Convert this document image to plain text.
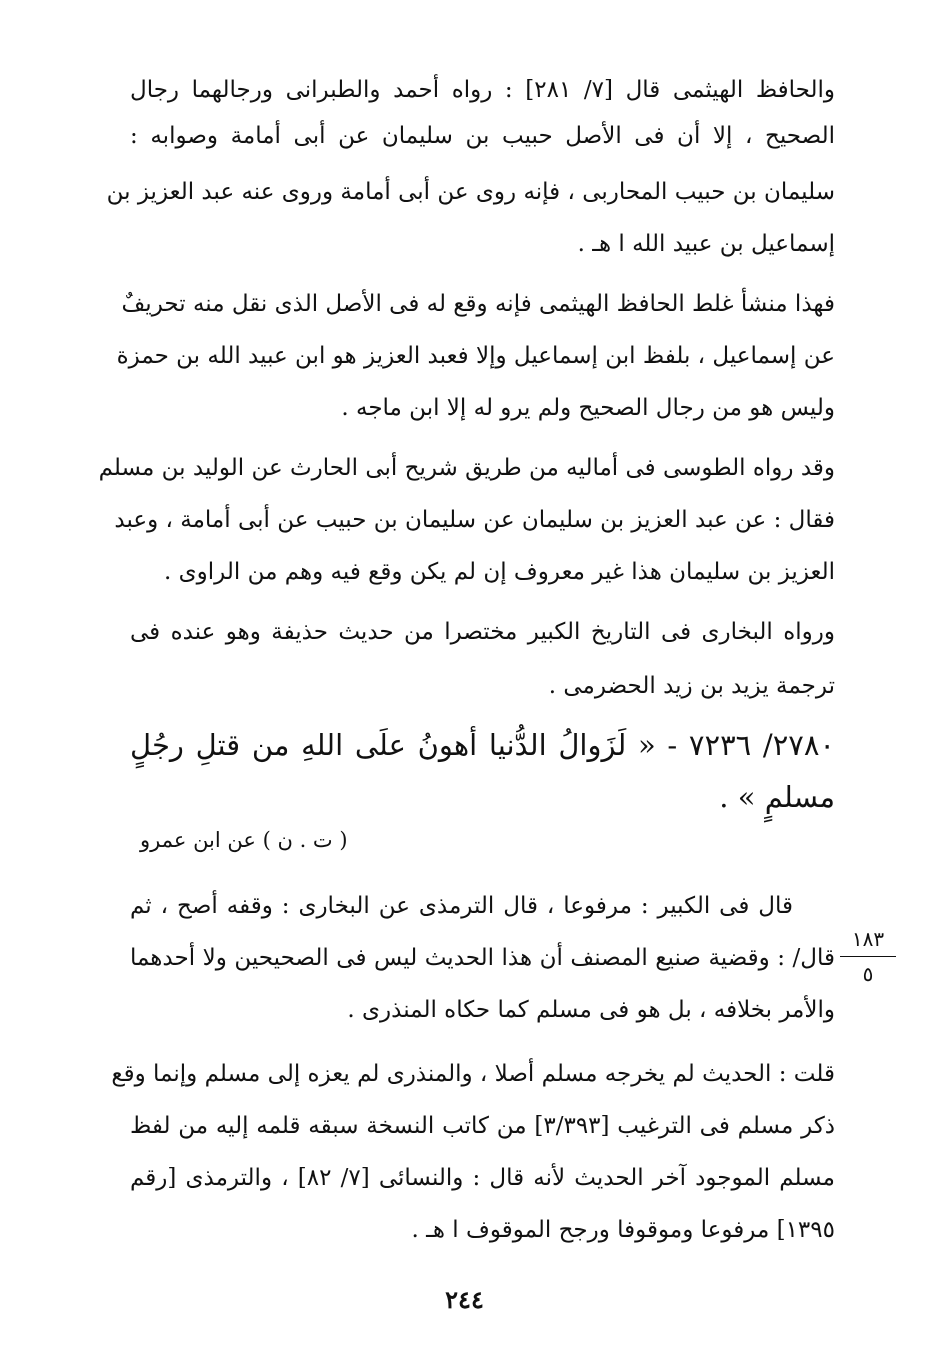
والحافظ الهيثمى قال [٧/ ٢٨١] : رواه أحمد والطبرانى ورجالهما رجال
الصحيح ، إلا أن فى الأصل حبيب بن سليمان عن أبى أمامة وصوابه :
سليمان بن حبيب المحاربى ، فإنه روى عن أبى أمامة وروى عنه عبد العزيز بن
إسماعيل بن عبيد الله ا هـ .
فهذا منشأ غلط الحافظ الهيثمى فإنه وقع له فى الأصل الذى نقل منه تحريفٌ
عن إسماعيل ، بلفظ ابن إسماعيل وإلا فعبد العزيز هو ابن عبيد الله بن حمزة
وليس هو من رجال الصحيح ولم يرو له إلا ابن ماجه .
وقد رواه الطوسى فى أماليه من طريق شريح أبى الحارث عن الوليد بن مسلم
فقال : عن عبد العزيز بن سليمان عن سليمان بن حبيب عن أبى أمامة ، وعبد
العزيز بن سليمان هذا غير معروف إن لم يكن وقع فيه وهم من الراوى .
ورواه البخارى فى التاريخ الكبير مختصرا من حديث حذيفة وهو عنده فى
ترجمة يزيد بن زيد الحضرمى .
٢٧٨٠/ ٧٢٣٦ - « لَزَوالُ الدُّنيا أهونُ علَى اللهِ من قتلِ رجُلٍ
مسلمٍ » .
( ت . ن ) عن ابن عمرو
قال فى الكبير : مرفوعا ، قال الترمذى عن البخارى : وقفه أصح ، ثم
قال/ : وقضية صنيع المصنف أن هذا الحديث ليس فى الصحيحين ولا أحدهما
والأمر بخلافه ، بل هو فى مسلم كما حكاه المنذرى .
قلت : الحديث لم يخرجه مسلم أصلا ، والمنذرى لم يعزه إلى مسلم وإنما وقع
ذكر مسلم فى الترغيب [٣/٣٩٣] من كاتب النسخة سبقه قلمه إليه من لفظ
مسلم الموجود آخر الحديث لأنه قال : والنسائى [٧/ ٨٢] ، والترمذى [رقم
١٣٩٥] مرفوعا وموقوفا ورجح الموقوف ا هـ .
١٨٣
٥
٢٤٤
